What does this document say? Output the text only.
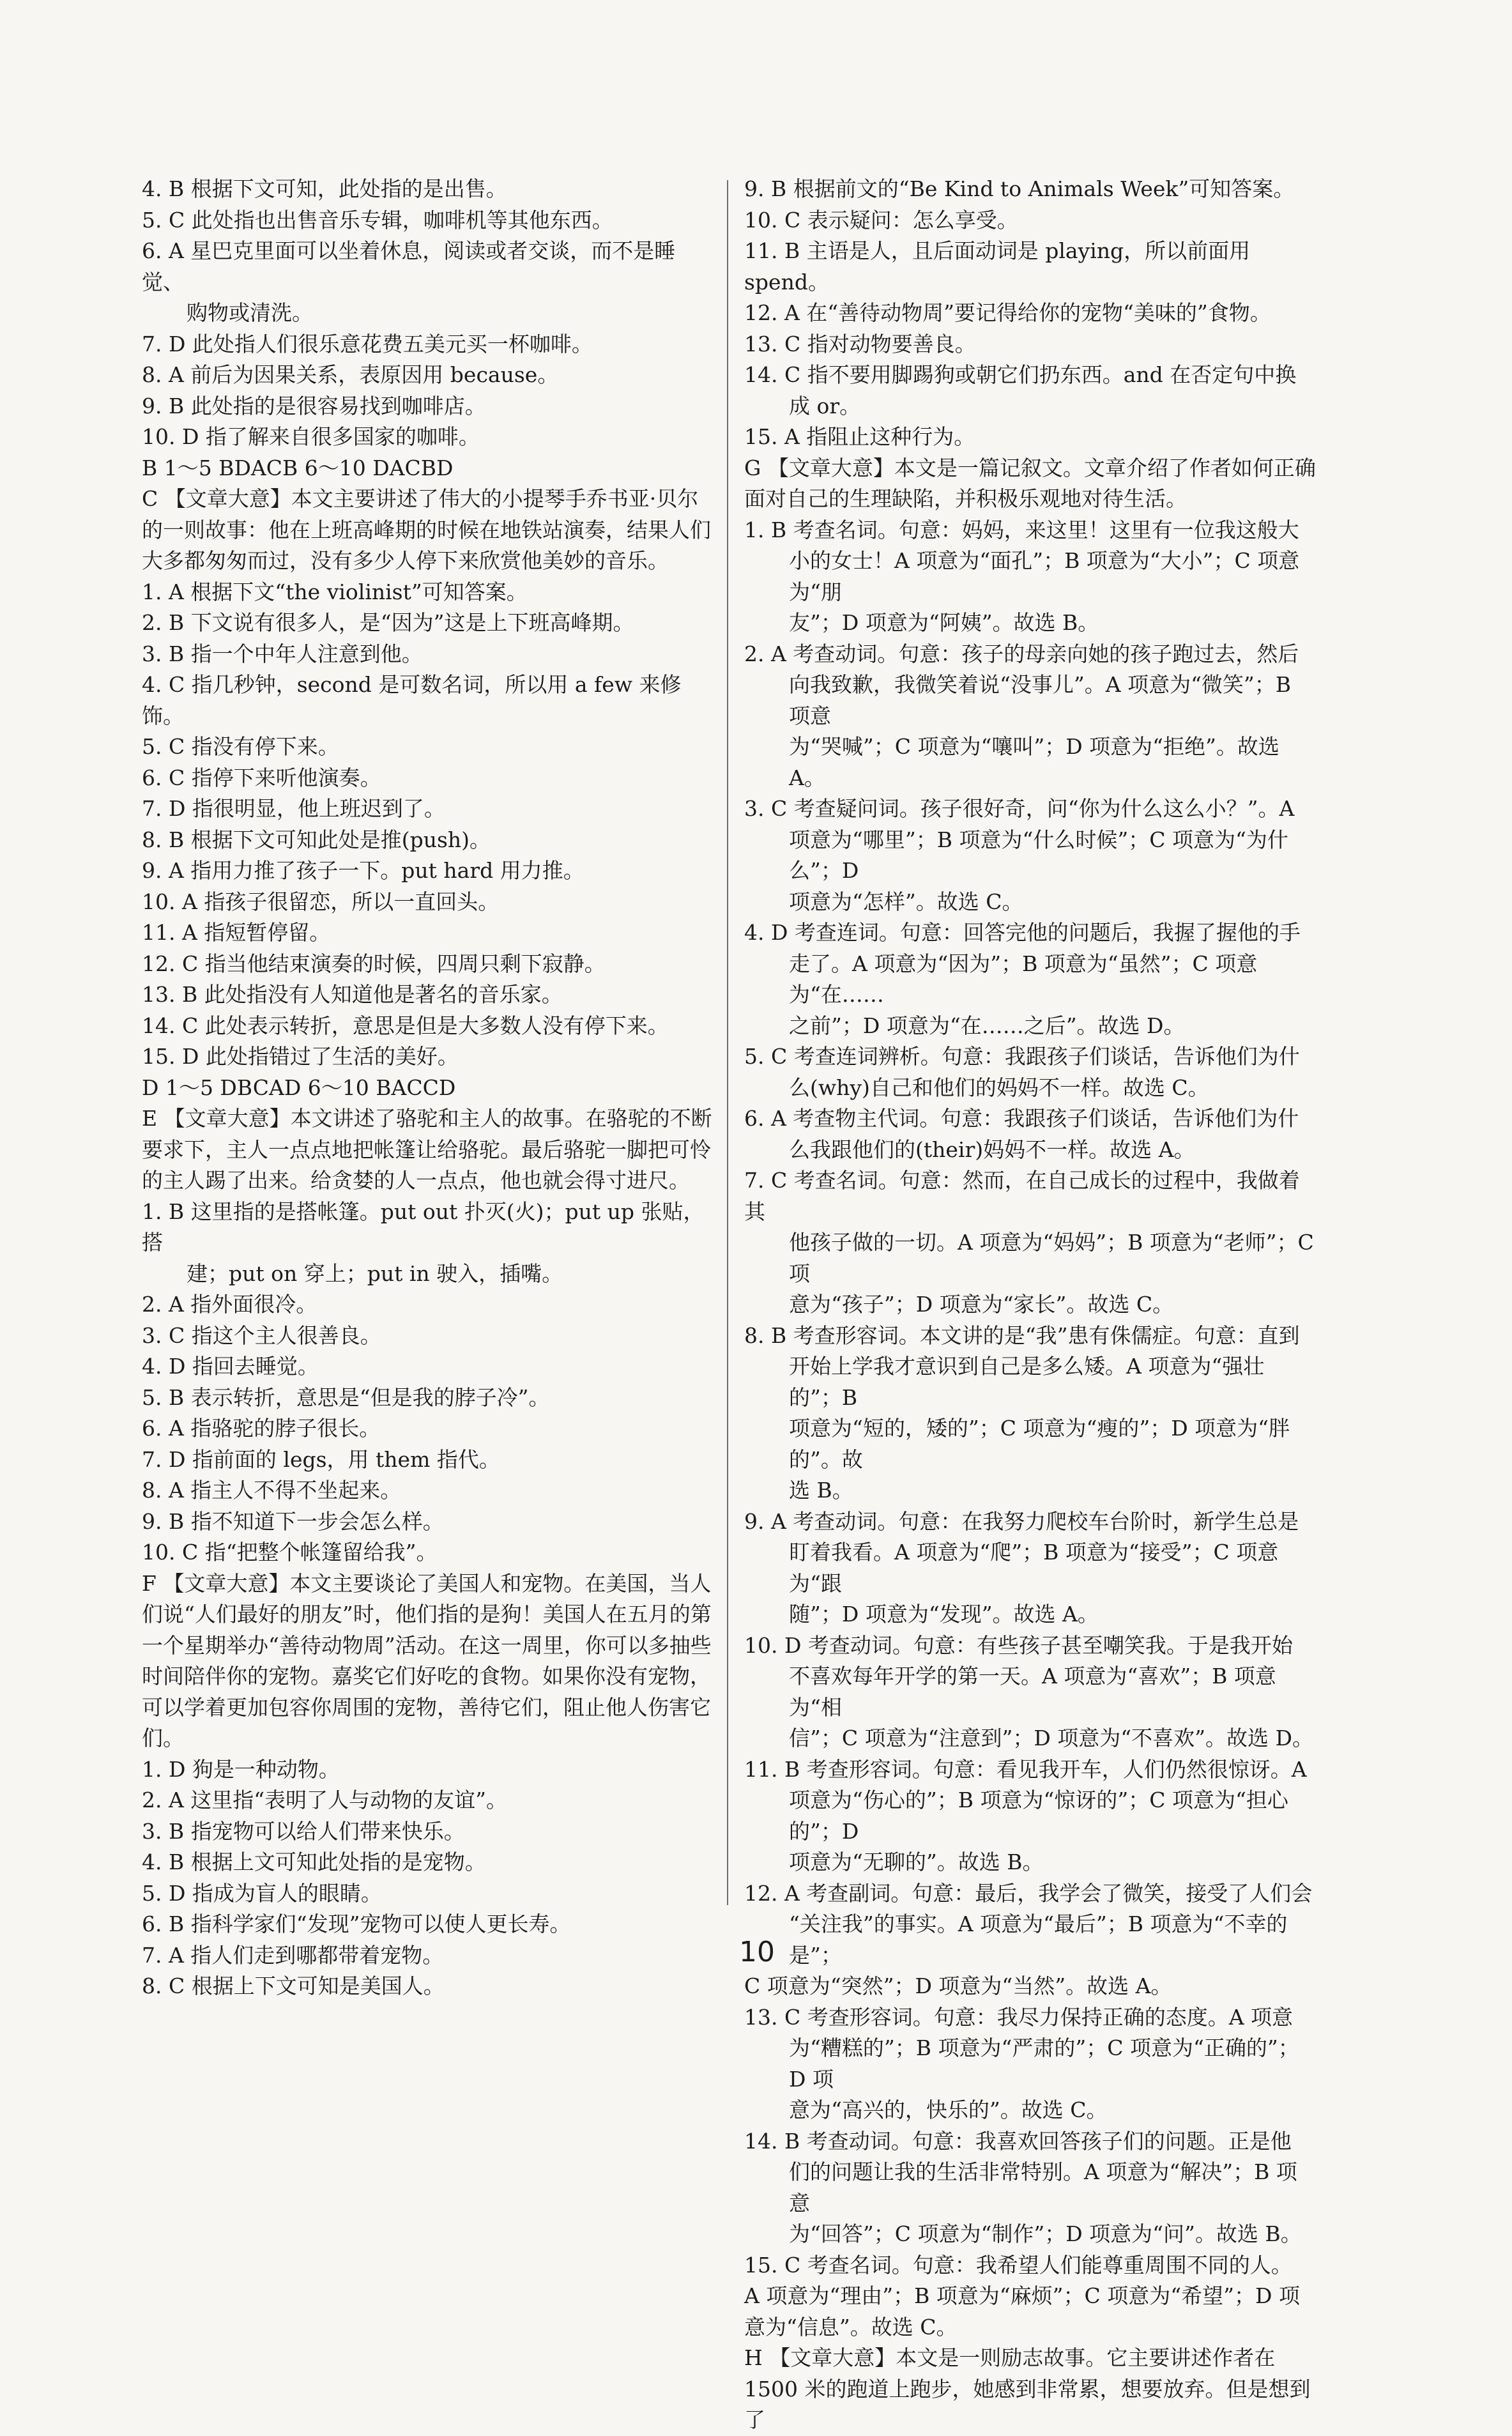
4. B 根据下文可知，此处指的是出售。
5. C 此处指也出售音乐专辑，咖啡机等其他东西。
6. A 星巴克里面可以坐着休息，阅读或者交谈，而不是睡觉、
购物或清洗。
7. D 此处指人们很乐意花费五美元买一杯咖啡。
8. A 前后为因果关系，表原因用 because。
9. B 此处指的是很容易找到咖啡店。
10. D 指了解来自很多国家的咖啡。
B 1～5 BDACB 6～10 DACBD
C 【文章大意】本文主要讲述了伟大的小提琴手乔书亚·贝尔
的一则故事：他在上班高峰期的时候在地铁站演奏，结果人们
大多都匆匆而过，没有多少人停下来欣赏他美妙的音乐。
1. A 根据下文“the violinist”可知答案。
2. B 下文说有很多人，是“因为”这是上下班高峰期。
3. B 指一个中年人注意到他。
4. C 指几秒钟，second 是可数名词，所以用 a few 来修饰。
5. C 指没有停下来。
6. C 指停下来听他演奏。
7. D 指很明显，他上班迟到了。
8. B 根据下文可知此处是推(push)。
9. A 指用力推了孩子一下。put hard 用力推。
10. A 指孩子很留恋，所以一直回头。
11. A 指短暂停留。
12. C 指当他结束演奏的时候，四周只剩下寂静。
13. B 此处指没有人知道他是著名的音乐家。
14. C 此处表示转折，意思是但是大多数人没有停下来。
15. D 此处指错过了生活的美好。
D 1～5 DBCAD 6～10 BACCD
E 【文章大意】本文讲述了骆驼和主人的故事。在骆驼的不断
要求下，主人一点点地把帐篷让给骆驼。最后骆驼一脚把可怜
的主人踢了出来。给贪婪的人一点点，他也就会得寸进尺。
1. B 这里指的是搭帐篷。put out 扑灭(火)；put up 张贴，搭
建；put on 穿上；put in 驶入，插嘴。
2. A 指外面很冷。
3. C 指这个主人很善良。
4. D 指回去睡觉。
5. B 表示转折，意思是“但是我的脖子冷”。
6. A 指骆驼的脖子很长。
7. D 指前面的 legs，用 them 指代。
8. A 指主人不得不坐起来。
9. B 指不知道下一步会怎么样。
10. C 指“把整个帐篷留给我”。
F 【文章大意】本文主要谈论了美国人和宠物。在美国，当人
们说“人们最好的朋友”时，他们指的是狗！美国人在五月的第
一个星期举办“善待动物周”活动。在这一周里，你可以多抽些
时间陪伴你的宠物。嘉奖它们好吃的食物。如果你没有宠物，
可以学着更加包容你周围的宠物，善待它们，阻止他人伤害它
们。
1. D 狗是一种动物。
2. A 这里指“表明了人与动物的友谊”。
3. B 指宠物可以给人们带来快乐。
4. B 根据上文可知此处指的是宠物。
5. D 指成为盲人的眼睛。
6. B 指科学家们“发现”宠物可以使人更长寿。
7. A 指人们走到哪都带着宠物。
8. C 根据上下文可知是美国人。
9. B 根据前文的“Be Kind to Animals Week”可知答案。
10. C 表示疑问：怎么享受。
11. B 主语是人，且后面动词是 playing，所以前面用 spend。
12. A 在“善待动物周”要记得给你的宠物“美味的”食物。
13. C 指对动物要善良。
14. C 指不要用脚踢狗或朝它们扔东西。and 在否定句中换
成 or。
15. A 指阻止这种行为。
G 【文章大意】本文是一篇记叙文。文章介绍了作者如何正确
面对自己的生理缺陷，并积极乐观地对待生活。
1. B 考查名词。句意：妈妈，来这里！这里有一位我这般大
小的女士！A 项意为“面孔”；B 项意为“大小”；C 项意为“朋
友”；D 项意为“阿姨”。故选 B。
2. A 考查动词。句意：孩子的母亲向她的孩子跑过去，然后
向我致歉，我微笑着说“没事儿”。A 项意为“微笑”；B 项意
为“哭喊”；C 项意为“嚷叫”；D 项意为“拒绝”。故选 A。
3. C 考查疑问词。孩子很好奇，问“你为什么这么小？”。A
项意为“哪里”；B 项意为“什么时候”；C 项意为“为什么”；D
项意为“怎样”。故选 C。
4. D 考查连词。句意：回答完他的问题后，我握了握他的手
走了。A 项意为“因为”；B 项意为“虽然”；C 项意为“在……
之前”；D 项意为“在……之后”。故选 D。
5. C 考查连词辨析。句意：我跟孩子们谈话，告诉他们为什
么(why)自己和他们的妈妈不一样。故选 C。
6. A 考查物主代词。句意：我跟孩子们谈话，告诉他们为什
么我跟他们的(their)妈妈不一样。故选 A。
7. C 考查名词。句意：然而，在自己成长的过程中，我做着其
他孩子做的一切。A 项意为“妈妈”；B 项意为“老师”；C 项
意为“孩子”；D 项意为“家长”。故选 C。
8. B 考查形容词。本文讲的是“我”患有侏儒症。句意：直到
开始上学我才意识到自己是多么矮。A 项意为“强壮的”；B
项意为“短的，矮的”；C 项意为“瘦的”；D 项意为“胖的”。故
选 B。
9. A 考查动词。句意：在我努力爬校车台阶时，新学生总是
盯着我看。A 项意为“爬”；B 项意为“接受”；C 项意为“跟
随”；D 项意为“发现”。故选 A。
10. D 考查动词。句意：有些孩子甚至嘲笑我。于是我开始
不喜欢每年开学的第一天。A 项意为“喜欢”；B 项意为“相
信”；C 项意为“注意到”；D 项意为“不喜欢”。故选 D。
11. B 考查形容词。句意：看见我开车，人们仍然很惊讶。A
项意为“伤心的”；B 项意为“惊讶的”；C 项意为“担心的”；D
项意为“无聊的”。故选 B。
12. A 考查副词。句意：最后，我学会了微笑，接受了人们会
“关注我”的事实。A 项意为“最后”；B 项意为“不幸的是”；
C 项意为“突然”；D 项意为“当然”。故选 A。
13. C 考查形容词。句意：我尽力保持正确的态度。A 项意
为“糟糕的”；B 项意为“严肃的”；C 项意为“正确的”；D 项
意为“高兴的，快乐的”。故选 C。
14. B 考查动词。句意：我喜欢回答孩子们的问题。正是他
们的问题让我的生活非常特别。A 项意为“解决”；B 项意
为“回答”；C 项意为“制作”；D 项意为“问”。故选 B。
15. C 考查名词。句意：我希望人们能尊重周围不同的人。
A 项意为“理由”；B 项意为“麻烦”；C 项意为“希望”；D 项
意为“信息”。故选 C。
H 【文章大意】本文是一则励志故事。它主要讲述作者在
1500 米的跑道上跑步，她感到非常累，想要放弃。但是想到了
10
